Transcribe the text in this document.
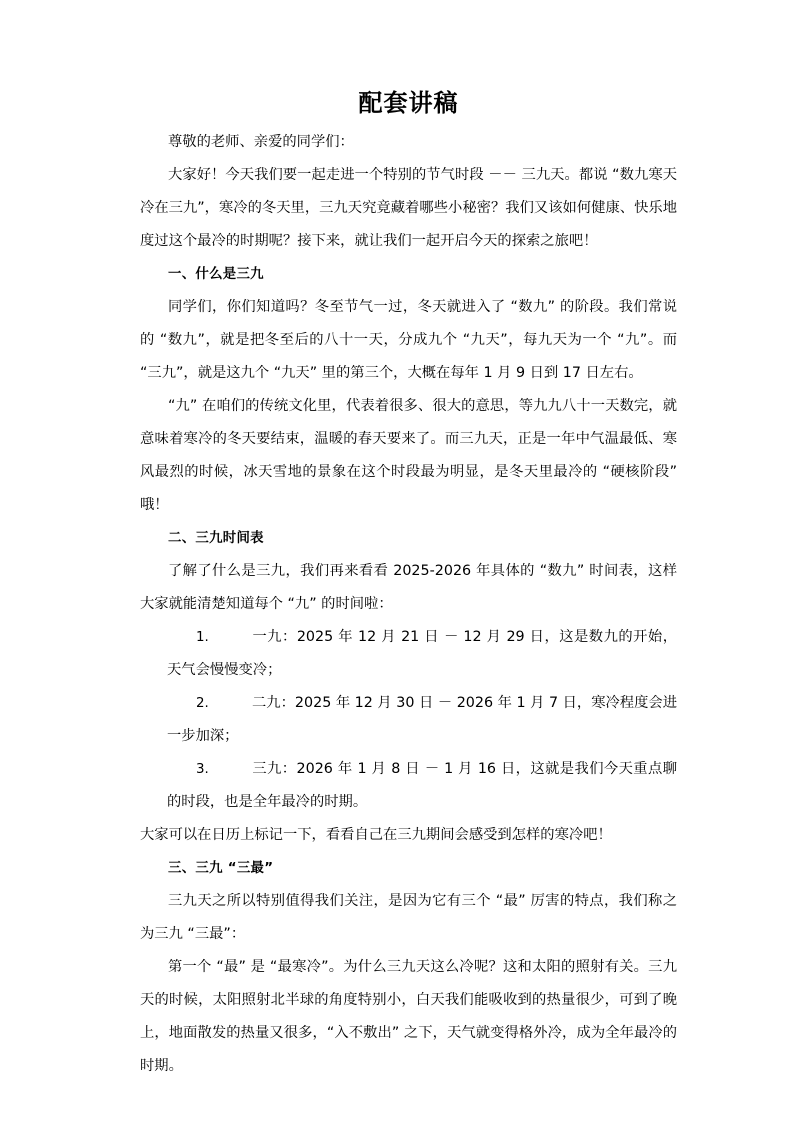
配套讲稿

尊敬的老师、亲爱的同学们：

大家好！今天我们要一起走进一个特别的节气时段 －－ 三九天。都说 “数九寒天冷在三九”，寒冷的冬天里，三九天究竟藏着哪些小秘密？我们又该如何健康、快乐地度过这个最冷的时期呢？接下来，就让我们一起开启今天的探索之旅吧！

一、什么是三九

同学们，你们知道吗？冬至节气一过，冬天就进入了 “数九” 的阶段。我们常说的 “数九”，就是把冬至后的八十一天，分成九个 “九天”，每九天为一个 “九”。而 “三九”，就是这九个 “九天” 里的第三个，大概在每年 1 月 9 日到 17 日左右。

“九” 在咱们的传统文化里，代表着很多、很大的意思，等九九八十一天数完，就意味着寒冷的冬天要结束，温暖的春天要来了。而三九天，正是一年中气温最低、寒风最烈的时候，冰天雪地的景象在这个时段最为明显，是冬天里最冷的 “硬核阶段” 哦！

二、三九时间表

了解了什么是三九，我们再来看看 2025-2026 年具体的 “数九” 时间表，这样大家就能清楚知道每个 “九” 的时间啦：

1.	一九：2025 年 12 月 21 日 － 12 月 29 日，这是数九的开始，天气会慢慢变冷；
2.	二九：2025 年 12 月 30 日 － 2026 年 1 月 7 日，寒冷程度会进一步加深；
3.	三九：2026 年 1 月 8 日 － 1 月 16 日，这就是我们今天重点聊的时段，也是全年最冷的时期。

大家可以在日历上标记一下，看看自己在三九期间会感受到怎样的寒冷吧！

三、三九 “三最”

三九天之所以特别值得我们关注，是因为它有三个 “最” 厉害的特点，我们称之为三九 “三最”：

第一个 “最” 是 “最寒冷”。为什么三九天这么冷呢？这和太阳的照射有关。三九天的时候，太阳照射北半球的角度特别小，白天我们能吸收到的热量很少，可到了晚上，地面散发的热量又很多，“入不敷出” 之下，天气就变得格外冷，成为全年最冷的时期。
